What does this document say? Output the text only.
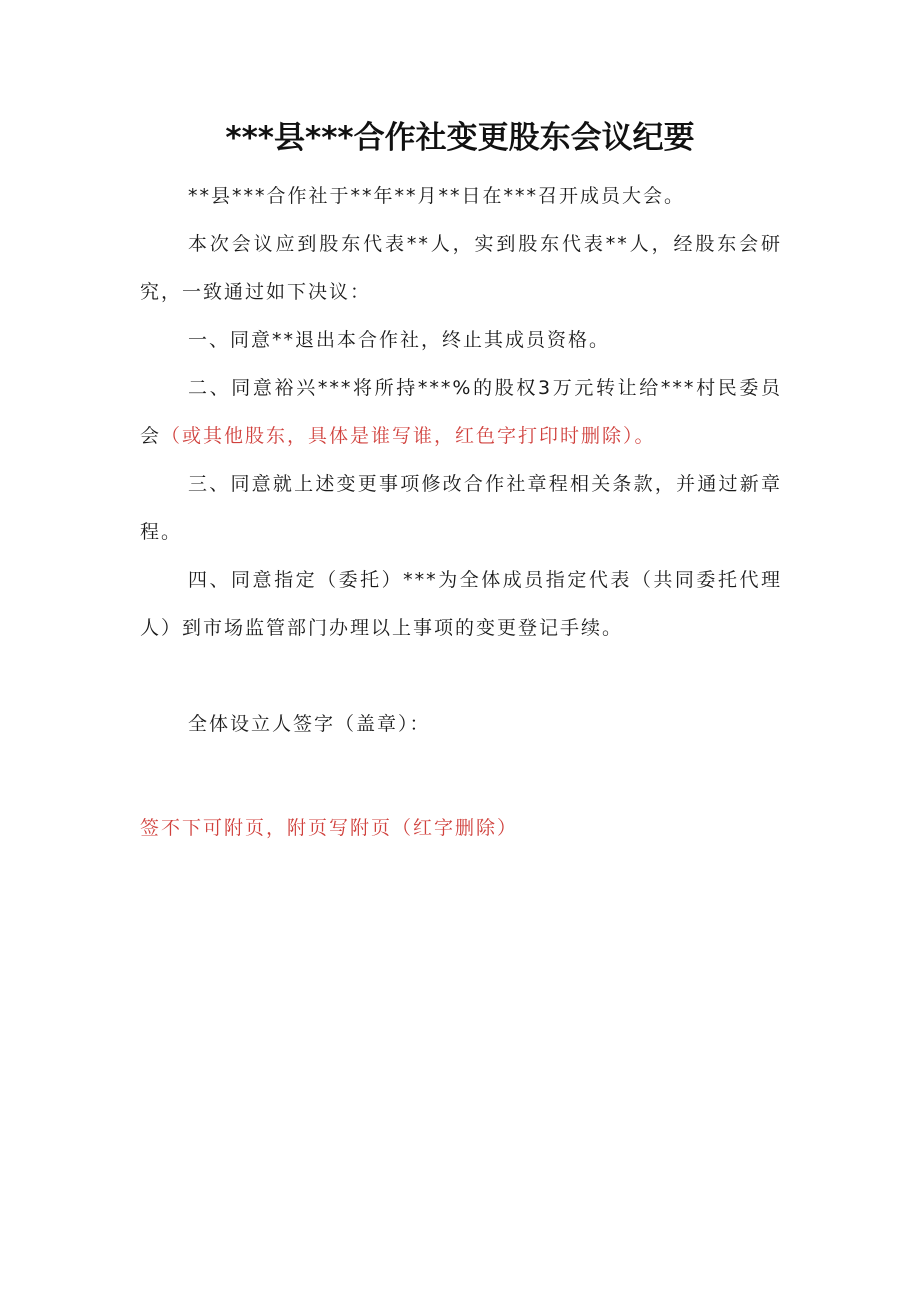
***县***合作社变更股东会议纪要
**县***合作社于**年**月**日在***召开成员大会。
本次会议应到股东代表**人，实到股东代表**人，经股东会研究，一致通过如下决议：
一、同意**退出本合作社，终止其成员资格。
二、同意裕兴***将所持***%的股权3万元转让给***村民委员会（或其他股东，具体是谁写谁，红色字打印时删除）。
三、同意就上述变更事项修改合作社章程相关条款，并通过新章程。
四、同意指定（委托）***为全体成员指定代表（共同委托代理人）到市场监管部门办理以上事项的变更登记手续。
全体设立人签字（盖章）：
签不下可附页，附页写附页（红字删除）
